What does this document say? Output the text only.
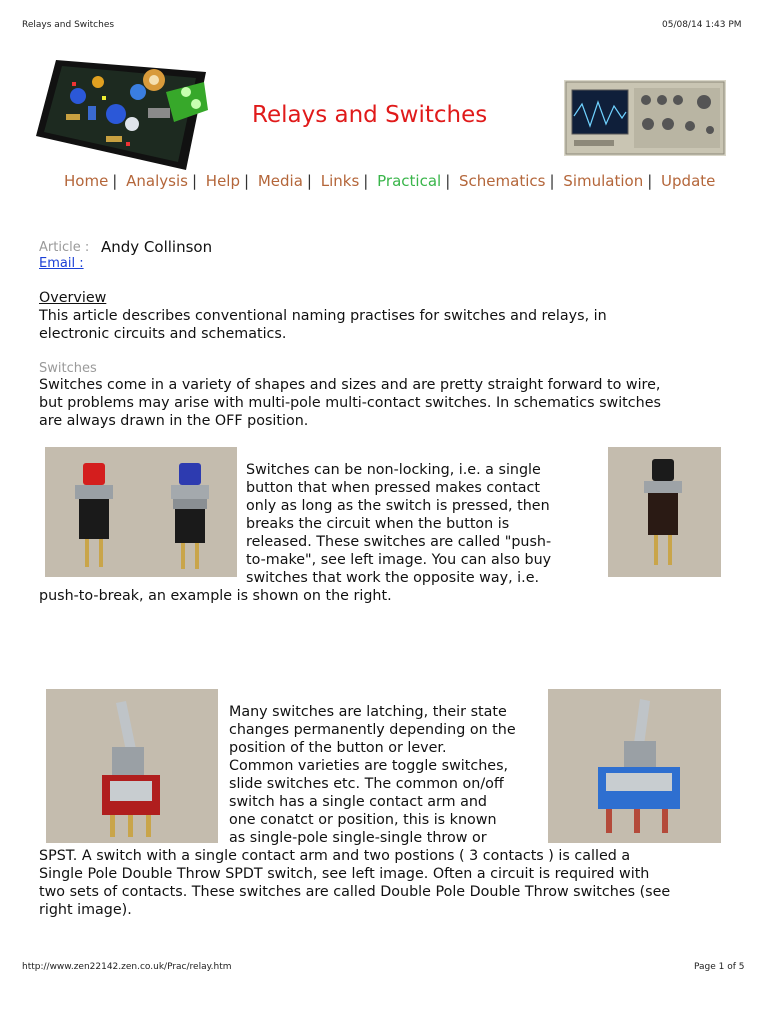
Relays and Switches	05/08/14 1:43 PM
Relays and Switches
Home | Analysis | Help | Media | Links | Practical | Schematics | Simulation | Update
Article : Andy Collinson
Email :
Overview
This article describes conventional naming practises for switches and relays, in
electronic circuits and schematics.
Switches
Switches come in a variety of shapes and sizes and are pretty straight forward to wire,
but problems may arise with multi-pole multi-contact switches. In schematics switches
are always drawn in the OFF position.
Switches can be non-locking, i.e. a single
button that when pressed makes contact
only as long as the switch is pressed, then
breaks the circuit when the button is
released. These switches are called "push-
to-make", see left image. You can also buy
switches that work the opposite way, i.e.
push-to-break, an example is shown on the right.
Many switches are latching, their state
changes permanently depending on the
position of the button or lever.
Common varieties are toggle switches,
slide switches etc. The common on/off
switch has a single contact arm and
one conatct or position, this is known
as single-pole single-single throw or
SPST. A switch with a single contact arm and two postions ( 3 contacts ) is called a
Single Pole Double Throw SPDT switch, see left image. Often a circuit is required with
two sets of contacts. These switches are called Double Pole Double Throw switches (see
right image).
http://www.zen22142.zen.co.uk/Prac/relay.htm	Page 1 of 5
